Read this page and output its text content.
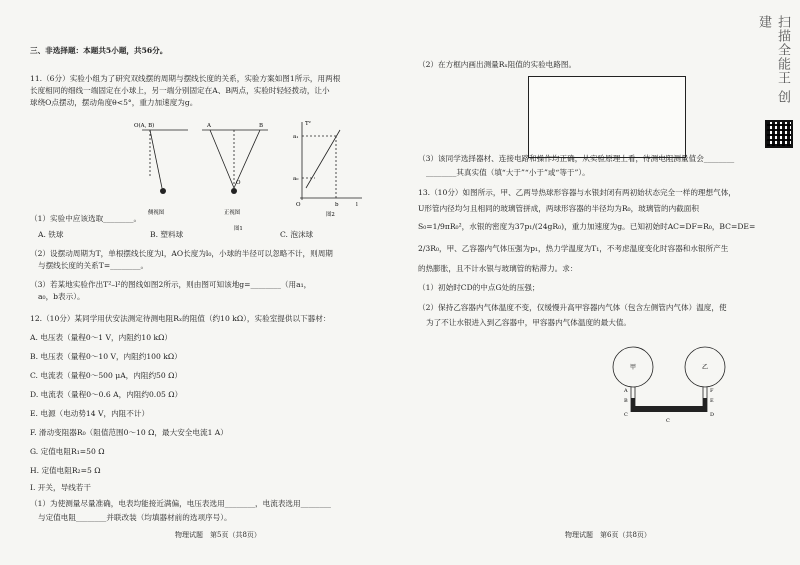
三、非选择题：本题共5小题，共56分。
11.（6分）实验小组为了研究双线摆的周期与摆线长度的关系，实验方案如图1所示，用两根
长度相同的细线一端固定在小球上，另一端分别固定在A、B两点，实验时轻轻拨动，让小
球绕O点摆动，摆动角度θ<5°，重力加速度为g。
O(A, B)
侧视图
A	B
O
正视图
图1
T²
a₁
a₀
b	l
O
图2
（1）实验中应该选取________。
A. 铁球	B. 塑料球	C. 泡沫球
（2）设摆动周期为T，单根摆线长度为l，AO长度为l₀，小球的半径可以忽略不计，则周期
与摆线长度的关系T=________。
（3）若某地实验作出T²–l²的图线如图2所示，则由图可知该地g=________（用a₁，
a₀，b表示）。
12.（10分）某同学用伏安法测定待测电阻Rₓ的阻值（约10 kΩ），实验室提供以下器材：
A. 电压表（量程0～1 V，内阻约10 kΩ）
B. 电压表（量程0～10 V，内阻约100 kΩ）
C. 电流表（量程0～500 μA，内阻约50 Ω）
D. 电流表（量程0～0.6 A，内阻约0.05 Ω）
E. 电源（电动势14 V，内阻不计）
F. 滑动变阻器R₀（阻值范围0～10 Ω，最大安全电流1 A）
G. 定值电阻R₁=50 Ω
H. 定值电阻R₂=5 Ω
I. 开关，导线若干
（1）为使测量尽量准确，电表均能接近满偏，电压表选用________，电流表选用________
与定值电阻________并联改装（均填器材前的选项序号）。
物理试题　第5页（共8页）
（2）在方框内画出测量Rₓ阻值的实验电路图。
（3）该同学选择器材、连接电路和操作均正确，从实验原理上看，待测电阻测量值会________
________其真实值（填“大于”“小于”或“等于”）。
13.（10分）如图所示，甲、乙两导热球形容器与水银封闭有两初始状态完全一样的理想气体，
U形管内径均匀且相同的玻璃管拼成，两球形容器的半径均为R₀，玻璃管的内截面积
S₀=1/9πR₀²，水银的密度为37p₁/(24gR₀)，重力加速度为g。已知初始时AC=DF=R₀，BC=DE=
2/3R₀，甲、乙容器内气体压强为p₁，热力学温度为T₁，不考虑温度变化时容器和水银所产生
的热膨胀，且不计水银与玻璃管的粘滞力。求：
（1）初始时CD的中点G处的压强；
（2）保持乙容器内气体温度不变，仅缓慢升高甲容器内气体（包含左侧管内气体）温度，使
为了不让水银进入到乙容器中，甲容器内气体温度的最大值。
甲	乙
A
B
C
F
E
D
C
物理试题　第6页（共8页）
扫描全能王 创建
